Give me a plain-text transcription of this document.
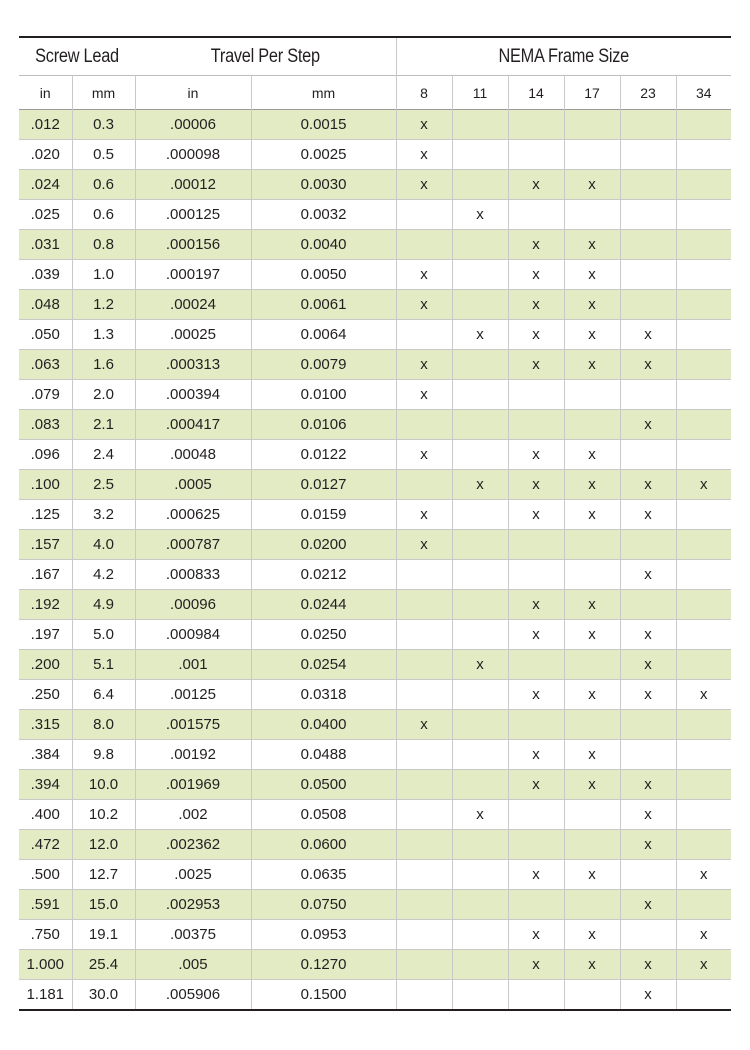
Screw Lead		Travel Per Step		NEMA Frame Size					
in	mm	in	mm	8	11	14	17	23	34
.012	0.3	.00006	0.0015	x					
.020	0.5	.000098	0.0025	x					
.024	0.6	.00012	0.0030	x		x	x		
.025	0.6	.000125	0.0032		x				
.031	0.8	.000156	0.0040			x	x		
.039	1.0	.000197	0.0050	x		x	x		
.048	1.2	.00024	0.0061	x		x	x		
.050	1.3	.00025	0.0064		x	x	x	x	
.063	1.6	.000313	0.0079	x		x	x	x	
.079	2.0	.000394	0.0100	x					
.083	2.1	.000417	0.0106					x	
.096	2.4	.00048	0.0122	x		x	x		
.100	2.5	.0005	0.0127		x	x	x	x	x
.125	3.2	.000625	0.0159	x		x	x	x	
.157	4.0	.000787	0.0200	x					
.167	4.2	.000833	0.0212					x	
.192	4.9	.00096	0.0244			x	x		
.197	5.0	.000984	0.0250			x	x	x	
.200	5.1	.001	0.0254		x			x	
.250	6.4	.00125	0.0318			x	x	x	x
.315	8.0	.001575	0.0400	x					
.384	9.8	.00192	0.0488			x	x		
.394	10.0	.001969	0.0500			x	x	x	
.400	10.2	.002	0.0508		x			x	
.472	12.0	.002362	0.0600					x	
.500	12.7	.0025	0.0635			x	x		x
.591	15.0	.002953	0.0750					x	
.750	19.1	.00375	0.0953			x	x		x
1.000	25.4	.005	0.1270			x	x	x	x
1.181	30.0	.005906	0.1500					x	
